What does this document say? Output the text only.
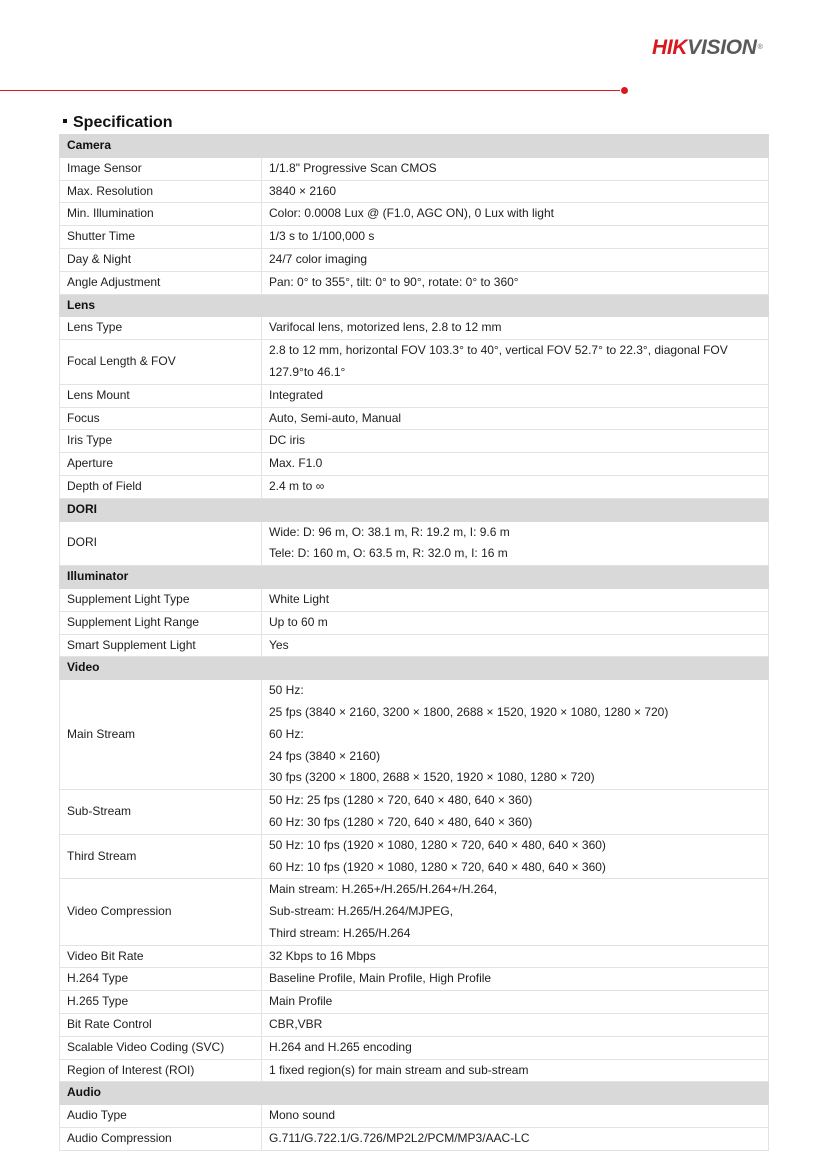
HIKVISION®
Specification
Camera	
Image Sensor	1/1.8" Progressive Scan CMOS

Max. Resolution	3840 × 2160

Min. Illumination	Color: 0.0008 Lux @ (F1.0, AGC ON), 0 Lux with light

Shutter Time	1/3 s to 1/100,000 s

Day & Night	24/7 color imaging

Angle Adjustment	Pan: 0° to 355°, tilt: 0° to 90°, rotate: 0° to 360°

Lens	
Lens Type	Varifocal lens, motorized lens, 2.8 to 12 mm

Focal Length & FOV	2.8 to 12 mm, horizontal FOV 103.3° to 40°, vertical FOV 52.7° to 22.3°, diagonal FOV 127.9°to 46.1°

Lens Mount	Integrated

Focus	Auto, Semi-auto, Manual

Iris Type	DC iris

Aperture	Max. F1.0

Depth of Field	2.4 m to ∞

DORI	
DORI	Wide: D: 96 m, O: 38.1 m, R: 19.2 m, I: 9.6 m
Tele: D: 160 m, O: 63.5 m, R: 32.0 m, I: 16 m

Illuminator	
Supplement Light Type	White Light

Supplement Light Range	Up to 60 m

Smart Supplement Light	Yes

Video	
Main Stream	50 Hz:
25 fps (3840 × 2160, 3200 × 1800, 2688 × 1520, 1920 × 1080, 1280 × 720)
60 Hz:
24 fps (3840 × 2160)
30 fps (3200 × 1800, 2688 × 1520, 1920 × 1080, 1280 × 720)

Sub-Stream	50 Hz: 25 fps (1280 × 720, 640 × 480, 640 × 360)
60 Hz: 30 fps (1280 × 720, 640 × 480, 640 × 360)

Third Stream	50 Hz: 10 fps (1920 × 1080, 1280 × 720, 640 × 480, 640 × 360)
60 Hz: 10 fps (1920 × 1080, 1280 × 720, 640 × 480, 640 × 360)

Video Compression	Main stream: H.265+/H.265/H.264+/H.264,
Sub-stream: H.265/H.264/MJPEG,
Third stream: H.265/H.264

Video Bit Rate	32 Kbps to 16 Mbps

H.264 Type	Baseline Profile, Main Profile, High Profile

H.265 Type	Main Profile

Bit Rate Control	CBR,VBR

Scalable Video Coding (SVC)	H.264 and H.265 encoding

Region of Interest (ROI)	1 fixed region(s) for main stream and sub-stream

Audio	
Audio Type	Mono sound

Audio Compression	G.711/G.722.1/G.726/MP2L2/PCM/MP3/AAC-LC
